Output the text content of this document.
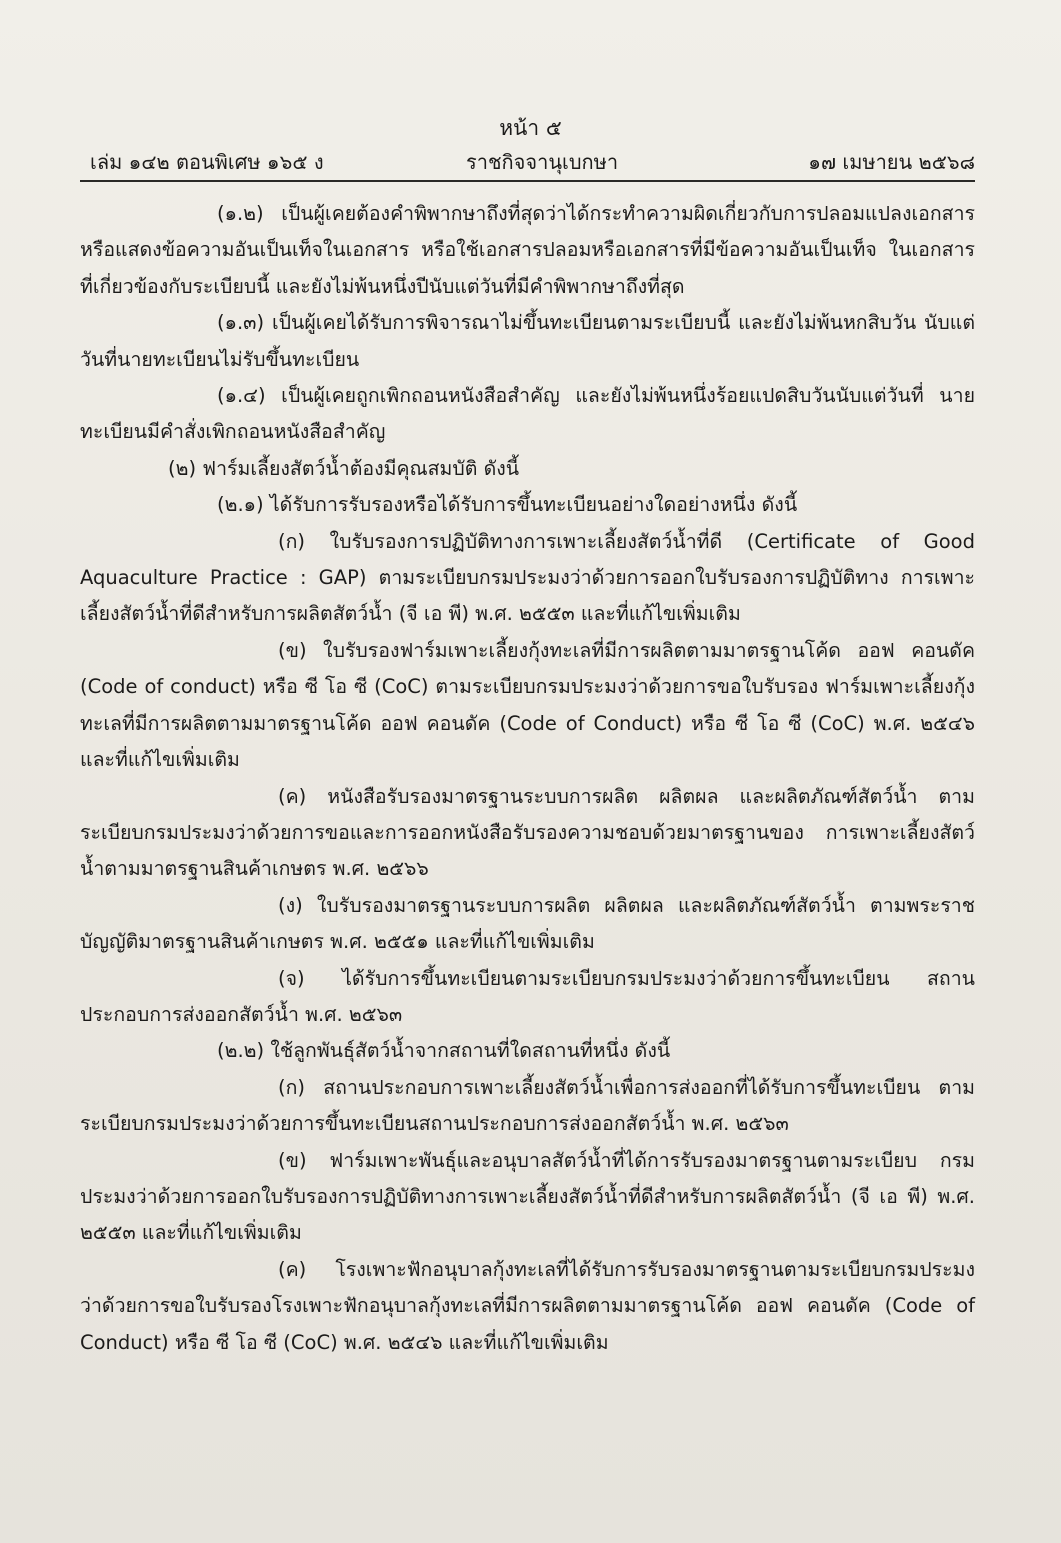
หน้า ๕
เล่ม ๑๔๒ ตอนพิเศษ ๑๖๕ ง	ราชกิจจานุเบกษา	๑๗ เมษายน ๒๕๖๘

(๑.๒) เป็นผู้เคยต้องคำพิพากษาถึงที่สุดว่าได้กระทำความผิดเกี่ยวกับการปลอมแปลงเอกสาร หรือแสดงข้อความอันเป็นเท็จในเอกสาร หรือใช้เอกสารปลอมหรือเอกสารที่มีข้อความอันเป็นเท็จ ในเอกสารที่เกี่ยวข้องกับระเบียบนี้ และยังไม่พ้นหนึ่งปีนับแต่วันที่มีคำพิพากษาถึงที่สุด

(๑.๓) เป็นผู้เคยได้รับการพิจารณาไม่ขึ้นทะเบียนตามระเบียบนี้ และยังไม่พ้นหกสิบวัน นับแต่วันที่นายทะเบียนไม่รับขึ้นทะเบียน

(๑.๔) เป็นผู้เคยถูกเพิกถอนหนังสือสำคัญ และยังไม่พ้นหนึ่งร้อยแปดสิบวันนับแต่วันที่ นายทะเบียนมีคำสั่งเพิกถอนหนังสือสำคัญ

(๒) ฟาร์มเลี้ยงสัตว์น้ำต้องมีคุณสมบัติ ดังนี้

(๒.๑) ได้รับการรับรองหรือได้รับการขึ้นทะเบียนอย่างใดอย่างหนึ่ง ดังนี้

(ก) ใบรับรองการปฏิบัติทางการเพาะเลี้ยงสัตว์น้ำที่ดี (Certificate of Good Aquaculture Practice : GAP) ตามระเบียบกรมประมงว่าด้วยการออกใบรับรองการปฏิบัติทาง การเพาะเลี้ยงสัตว์น้ำที่ดีสำหรับการผลิตสัตว์น้ำ (จี เอ พี) พ.ศ. ๒๕๕๓ และที่แก้ไขเพิ่มเติม

(ข) ใบรับรองฟาร์มเพาะเลี้ยงกุ้งทะเลที่มีการผลิตตามมาตรฐานโค้ด ออฟ คอนดัค (Code of conduct) หรือ ซี โอ ซี (CoC) ตามระเบียบกรมประมงว่าด้วยการขอใบรับรอง ฟาร์มเพาะเลี้ยงกุ้งทะเลที่มีการผลิตตามมาตรฐานโค้ด ออฟ คอนดัค (Code of Conduct) หรือ ซี โอ ซี (CoC) พ.ศ. ๒๕๔๖ และที่แก้ไขเพิ่มเติม

(ค) หนังสือรับรองมาตรฐานระบบการผลิต ผลิตผล และผลิตภัณฑ์สัตว์น้ำ ตามระเบียบกรมประมงว่าด้วยการขอและการออกหนังสือรับรองความชอบด้วยมาตรฐานของ การเพาะเลี้ยงสัตว์น้ำตามมาตรฐานสินค้าเกษตร พ.ศ. ๒๕๖๖

(ง) ใบรับรองมาตรฐานระบบการผลิต ผลิตผล และผลิตภัณฑ์สัตว์น้ำ ตามพระราชบัญญัติมาตรฐานสินค้าเกษตร พ.ศ. ๒๕๕๑ และที่แก้ไขเพิ่มเติม

(จ) ได้รับการขึ้นทะเบียนตามระเบียบกรมประมงว่าด้วยการขึ้นทะเบียน สถานประกอบการส่งออกสัตว์น้ำ พ.ศ. ๒๕๖๓

(๒.๒) ใช้ลูกพันธุ์สัตว์น้ำจากสถานที่ใดสถานที่หนึ่ง ดังนี้

(ก) สถานประกอบการเพาะเลี้ยงสัตว์น้ำเพื่อการส่งออกที่ได้รับการขึ้นทะเบียน ตามระเบียบกรมประมงว่าด้วยการขึ้นทะเบียนสถานประกอบการส่งออกสัตว์น้ำ พ.ศ. ๒๕๖๓

(ข) ฟาร์มเพาะพันธุ์และอนุบาลสัตว์น้ำที่ได้การรับรองมาตรฐานตามระเบียบ กรมประมงว่าด้วยการออกใบรับรองการปฏิบัติทางการเพาะเลี้ยงสัตว์น้ำที่ดีสำหรับการผลิตสัตว์น้ำ (จี เอ พี) พ.ศ. ๒๕๕๓ และที่แก้ไขเพิ่มเติม

(ค) โรงเพาะฟักอนุบาลกุ้งทะเลที่ได้รับการรับรองมาตรฐานตามระเบียบกรมประมง ว่าด้วยการขอใบรับรองโรงเพาะฟักอนุบาลกุ้งทะเลที่มีการผลิตตามมาตรฐานโค้ด ออฟ คอนดัค (Code of Conduct) หรือ ซี โอ ซี (CoC) พ.ศ. ๒๕๔๖ และที่แก้ไขเพิ่มเติม
